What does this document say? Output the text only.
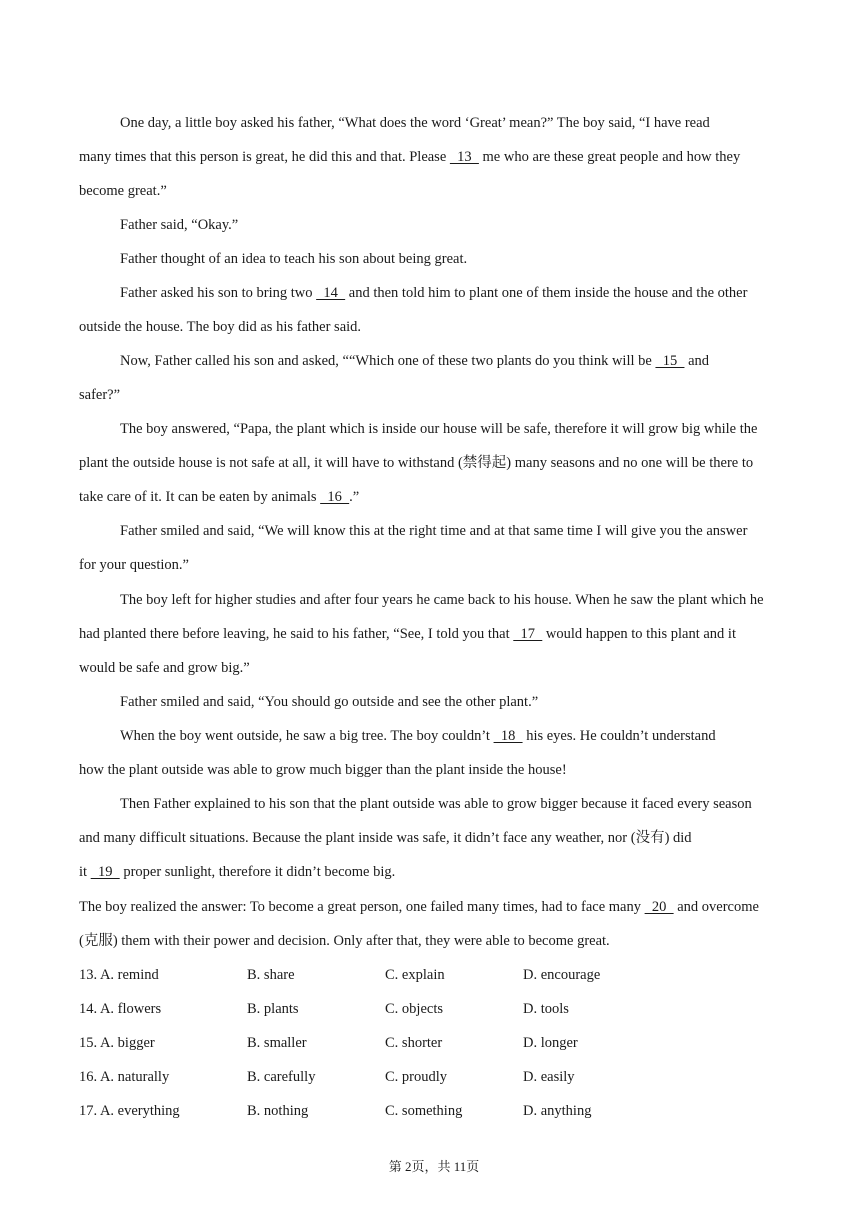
One day, a little boy asked his father, “What does the word ‘Great’ mean?” The boy said, “I have read
many times that this person is great, he did this and that. Please   13   me who are these great people and how they
become great.”
Father said, “Okay.”
Father thought of an idea to teach his son about being great.
Father asked his son to bring two   14   and then told him to plant one of them inside the house and the other
outside the house. The boy did as his father said.
Now, Father called his son and asked, ““Which one of these two plants do you think will be   15   and
safer?”
The boy answered, “Papa, the plant which is inside our house will be safe, therefore it will grow big while the
plant the outside house is not safe at all, it will have to withstand (禁得起) many seasons and no one will be there to
take care of it. It can be eaten by animals   16  .”
Father smiled and said, “We will know this at the right time and at that same time I will give you the answer
for your question.”
The boy left for higher studies and after four years he came back to his house. When he saw the plant which he
had planted there before leaving, he said to his father, “See, I told you that   17   would happen to this plant and it
would be safe and grow big.”
Father smiled and said, “You should go outside and see the other plant.”
When the boy went outside, he saw a big tree. The boy couldn’t   18   his eyes. He couldn’t understand
how the plant outside was able to grow much bigger than the plant inside the house!
Then Father explained to his son that the plant outside was able to grow bigger because it faced every season
and many difficult situations. Because the plant inside was safe, it didn’t face any weather, nor (没有) did
it   19   proper sunlight, therefore it didn’t become big.
The boy realized the answer: To become a great person, one failed many times, had to face many   20   and overcome
(克服) them with their power and decision. Only after that, they were able to become great.
13. A. remind	B. share	C. explain	D. encourage
14. A. flowers	B. plants	C. objects	D. tools
15. A. bigger	B. smaller	C. shorter	D. longer
16. A. naturally	B. carefully	C. proudly	D. easily
17. A. everything	B. nothing	C. something	D. anything
第 2页，共 11页
